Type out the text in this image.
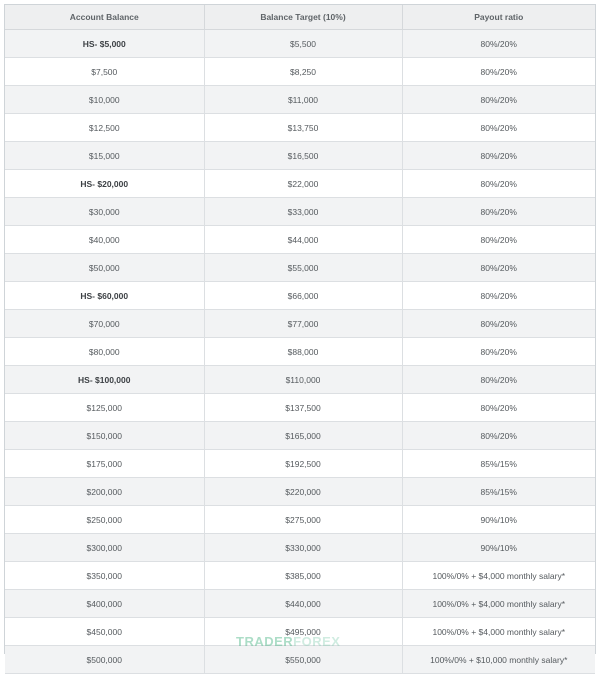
Account Balance	Balance Target (10%)	Payout ratio
HS- $5,000	$5,500	80%/20%
$7,500	$8,250	80%/20%
$10,000	$11,000	80%/20%
$12,500	$13,750	80%/20%
$15,000	$16,500	80%/20%
HS- $20,000	$22,000	80%/20%
$30,000	$33,000	80%/20%
$40,000	$44,000	80%/20%
$50,000	$55,000	80%/20%
HS- $60,000	$66,000	80%/20%
$70,000	$77,000	80%/20%
$80,000	$88,000	80%/20%
HS- $100,000	$110,000	80%/20%
$125,000	$137,500	80%/20%
$150,000	$165,000	80%/20%
$175,000	$192,500	85%/15%
$200,000	$220,000	85%/15%
$250,000	$275,000	90%/10%
$300,000	$330,000	90%/10%
$350,000	$385,000	100%/0% + $4,000 monthly salary*
$400,000	$440,000	100%/0% + $4,000 monthly salary*
$450,000	$495,000	100%/0% + $4,000 monthly salary*
$500,000	$550,000	100%/0% + $10,000 monthly salary*
TRADERFOREX
